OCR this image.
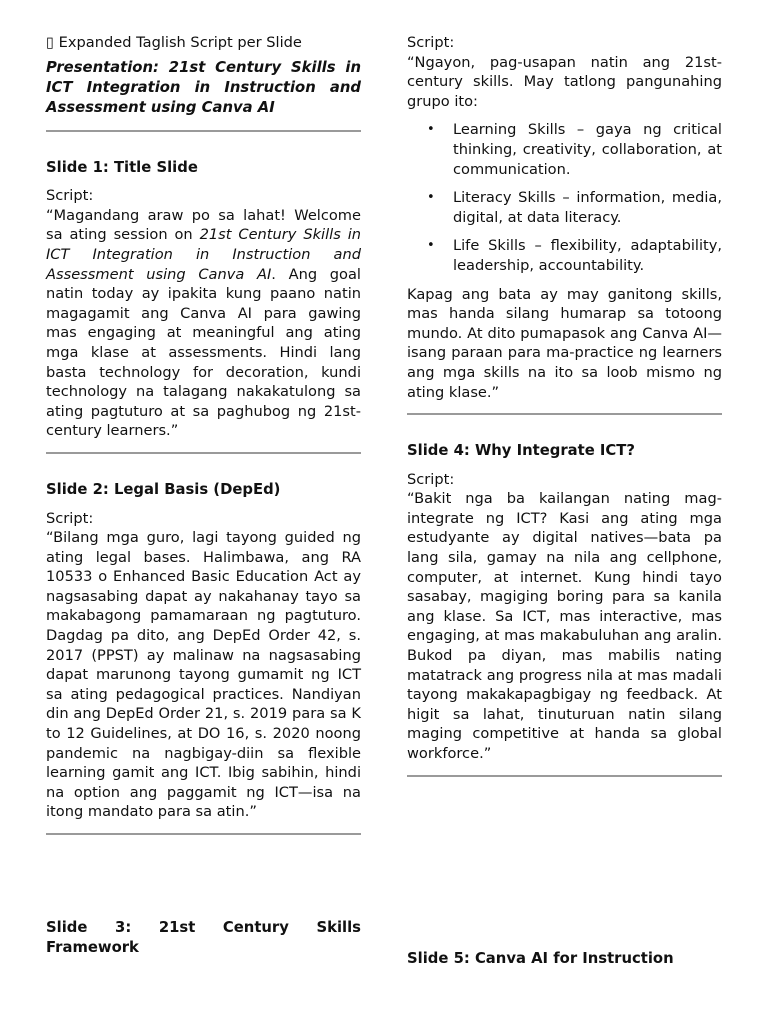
▯ Expanded Taglish Script per Slide

Presentation: 21st Century Skills in ICT Integration in Instruction and Assessment using Canva AI

Slide 1: Title Slide

Script:

“Magandang araw po sa lahat! Welcome sa ating session on 21st Century Skills in ICT Integration in Instruction and Assessment using Canva AI. Ang goal natin today ay ipakita kung paano natin magagamit ang Canva AI para gawing mas engaging at meaningful ang ating mga klase at assessments. Hindi lang basta technology for decoration, kundi technology na talagang nakakatulong sa ating pagtuturo at sa paghubog ng 21st-century learners.”

Slide 2: Legal Basis (DepEd)

Script:

“Bilang mga guro, lagi tayong guided ng ating legal bases. Halimbawa, ang RA 10533 o Enhanced Basic Education Act ay nagsasabing dapat ay nakahanay tayo sa makabagong pamamaraan ng pagtuturo. Dagdag pa dito, ang DepEd Order 42, s. 2017 (PPST) ay malinaw na nagsasabing dapat marunong tayong gumamit ng ICT sa ating pedagogical practices. Nandiyan din ang DepEd Order 21, s. 2019 para sa K to 12 Guidelines, at DO 16, s. 2020 noong pandemic na nagbigay-diin sa flexible learning gamit ang ICT. Ibig sabihin, hindi na option ang paggamit ng ICT—isa na itong mandato para sa atin.”

Slide 3: 21st Century Skills Framework

Script:

“Ngayon, pag-usapan natin ang 21st-century skills. May tatlong pangunahing grupo ito:

• Learning Skills – gaya ng critical thinking, creativity, collaboration, at communication.
• Literacy Skills – information, media, digital, at data literacy.
• Life Skills – flexibility, adaptability, leadership, accountability.

Kapag ang bata ay may ganitong skills, mas handa silang humarap sa totoong mundo. At dito pumapasok ang Canva AI—isang paraan para ma-practice ng learners ang mga skills na ito sa loob mismo ng ating klase.”

Slide 4: Why Integrate ICT?

Script:

“Bakit nga ba kailangan nating mag-integrate ng ICT? Kasi ang ating mga estudyante ay digital natives—bata pa lang sila, gamay na nila ang cellphone, computer, at internet. Kung hindi tayo sasabay, magiging boring para sa kanila ang klase. Sa ICT, mas interactive, mas engaging, at mas makabuluhan ang aralin. Bukod pa diyan, mas mabilis nating matatrack ang progress nila at mas madali tayong makakapagbigay ng feedback. At higit sa lahat, tinuturuan natin silang maging competitive at handa sa global workforce.”

Slide 5: Canva AI for Instruction
